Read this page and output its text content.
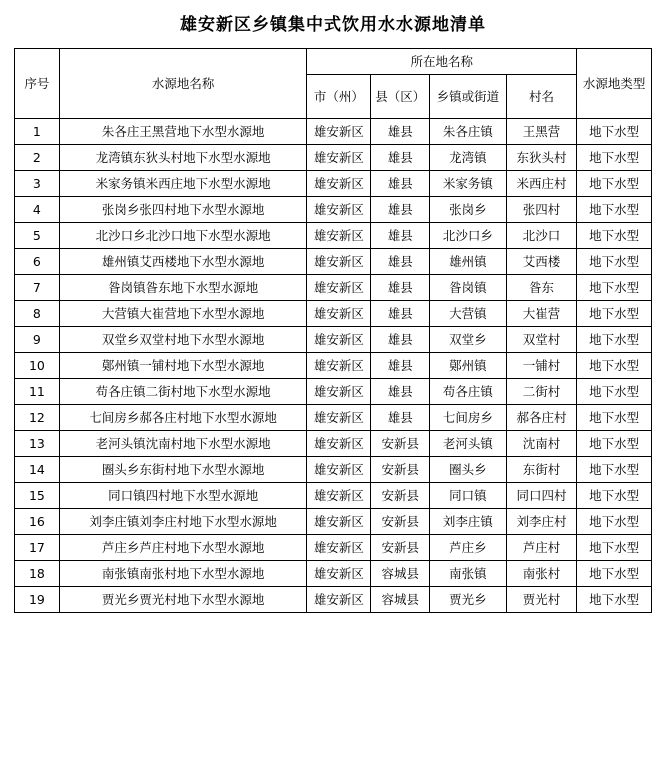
雄安新区乡镇集中式饮用水水源地清单
序号	水源地名称	所在地名称				水源地类型
		市（州）	县（区）	乡镇或街道	村名	
1	朱各庄王黑营地下水型水源地	雄安新区	雄县	朱各庄镇	王黑营	地下水型
2	龙湾镇东狄头村地下水型水源地	雄安新区	雄县	龙湾镇	东狄头村	地下水型
3	米家务镇米西庄地下水型水源地	雄安新区	雄县	米家务镇	米西庄村	地下水型
4	张岗乡张四村地下水型水源地	雄安新区	雄县	张岗乡	张四村	地下水型
5	北沙口乡北沙口地下水型水源地	雄安新区	雄县	北沙口乡	北沙口	地下水型
6	雄州镇艾西楼地下水型水源地	雄安新区	雄县	雄州镇	艾西楼	地下水型
7	昝岗镇昝东地下水型水源地	雄安新区	雄县	昝岗镇	昝东	地下水型
8	大营镇大崔营地下水型水源地	雄安新区	雄县	大营镇	大崔营	地下水型
9	双堂乡双堂村地下水型水源地	雄安新区	雄县	双堂乡	双堂村	地下水型
10	鄚州镇一铺村地下水型水源地	雄安新区	雄县	鄚州镇	一铺村	地下水型
11	苟各庄镇二街村地下水型水源地	雄安新区	雄县	苟各庄镇	二街村	地下水型
12	七间房乡郝各庄村地下水型水源地	雄安新区	雄县	七间房乡	郝各庄村	地下水型
13	老河头镇沈南村地下水型水源地	雄安新区	安新县	老河头镇	沈南村	地下水型
14	圈头乡东街村地下水型水源地	雄安新区	安新县	圈头乡	东街村	地下水型
15	同口镇四村地下水型水源地	雄安新区	安新县	同口镇	同口四村	地下水型
16	刘李庄镇刘李庄村地下水型水源地	雄安新区	安新县	刘李庄镇	刘李庄村	地下水型
17	芦庄乡芦庄村地下水型水源地	雄安新区	安新县	芦庄乡	芦庄村	地下水型
18	南张镇南张村地下水型水源地	雄安新区	容城县	南张镇	南张村	地下水型
19	贾光乡贾光村地下水型水源地	雄安新区	容城县	贾光乡	贾光村	地下水型
